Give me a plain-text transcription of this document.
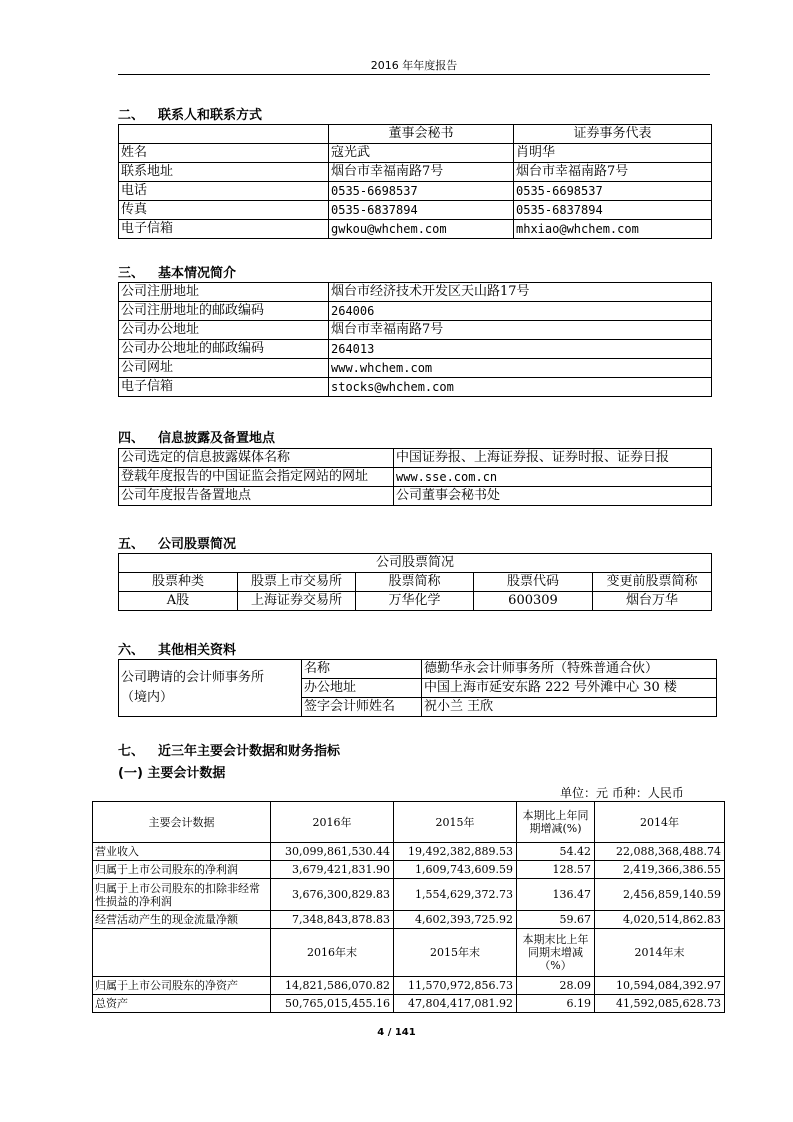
2016 年年度报告
二、 联系人和联系方式
	董事会秘书	证券事务代表
姓名	寇光武	肖明华
联系地址	烟台市幸福南路7号	烟台市幸福南路7号
电话	0535-6698537	0535-6698537
传真	0535-6837894	0535-6837894
电子信箱	gwkou@whchem.com	mhxiao@whchem.com
三、 基本情况简介
公司注册地址	烟台市经济技术开发区天山路17号
公司注册地址的邮政编码	264006
公司办公地址	烟台市幸福南路7号
公司办公地址的邮政编码	264013
公司网址	www.whchem.com
电子信箱	stocks@whchem.com
四、 信息披露及备置地点
公司选定的信息披露媒体名称	中国证券报、上海证券报、证券时报、证券日报
登载年度报告的中国证监会指定网站的网址	www.sse.com.cn
公司年度报告备置地点	公司董事会秘书处
五、 公司股票简况
公司股票简况				
股票种类	股票上市交易所	股票简称	股票代码	变更前股票简称
A股	上海证券交易所	万华化学	600309	烟台万华
六、 其他相关资料
公司聘请的会计师事务所
（境内）	名称	德勤华永会计师事务所（特殊普通合伙）
	办公地址	中国上海市延安东路 222 号外滩中心 30 楼
	签字会计师姓名	祝小兰 王欣
七、 近三年主要会计数据和财务指标
(一) 主要会计数据
单位：元 币种：人民币
主要会计数据	2016年	2015年	本期比上年同期增减(%)	2014年
营业收入	30,099,861,530.44	19,492,382,889.53	54.42	22,088,368,488.74
归属于上市公司股东的净利润	3,679,421,831.90	1,609,743,609.59	128.57	2,419,366,386.55
归属于上市公司股东的扣除非经常性损益的净利润	3,676,300,829.83	1,554,629,372.73	136.47	2,456,859,140.59
经营活动产生的现金流量净额	7,348,843,878.83	4,602,393,725.92	59.67	4,020,514,862.83
	2016年末	2015年末	本期末比上年同期末增减（%）	2014年末
归属于上市公司股东的净资产	14,821,586,070.82	11,570,972,856.73	28.09	10,594,084,392.97
总资产	50,765,015,455.16	47,804,417,081.92	6.19	41,592,085,628.73
4 / 141
